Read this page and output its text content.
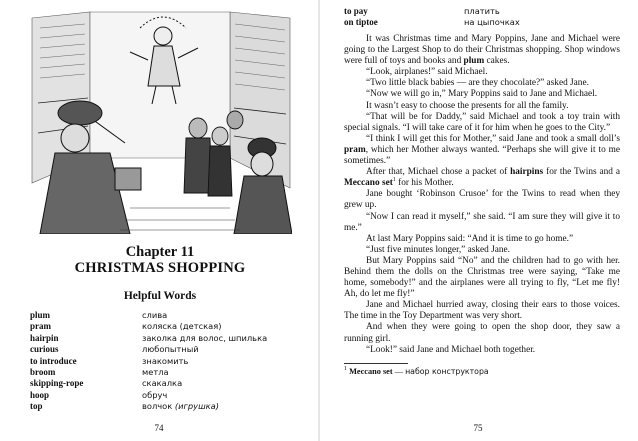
Chapter 11
CHRISTMAS SHOPPING
Helpful Words
plum	слива
pram	коляска (детская)
hairpin	заколка для волос, шпилька
curious	любопытный
to introduce	знакомить
broom	метла
skipping-rope	скакалка
hoop	обруч
top	волчок (игрушка)
74
to pay	платить
on tiptoe	на цыпочках

It was Christmas time and Mary Poppins, Jane and Michael were going to the Largest Shop to do their Christmas shopping. Shop windows were full of toys and books and plum cakes.

“Look, airplanes!” said Michael.

“Two little black babies — are they chocolate?” asked Jane.

“Now we will go in,” Mary Poppins said to Jane and Michael.

It wasn’t easy to choose the presents for all the family.

“That will be for Daddy,” said Michael and took a toy train with special signals. “I will take care of it for him when he goes to the City.”

“I think I will get this for Mother,” said Jane and took a small doll’s pram, which her Mother always wanted. “Perhaps she will give it to me sometimes.”

After that, Michael chose a packet of hairpins for the Twins and a Meccano set$^1$ for his Mother.

Jane bought ‘Robinson Crusoe’ for the Twins to read when they grew up.

“Now I can read it myself,” she said. “I am sure they will give it to me.”

At last Mary Poppins said: “And it is time to go home.”

“Just five minutes longer,” asked Jane.

But Mary Poppins said “No” and the children had to go with her. Behind them the dolls on the Christmas tree were saying, “Take me home, somebody!” and the airplanes were all trying to fly, “Let me fly! Ah, do let me fly!”

Jane and Michael hurried away, closing their ears to those voices. The time in the Toy Department was very short.

And when they were going to open the shop door, they saw a running girl.

“Look!” said Jane and Michael both together.

$^1$ Meccano set — набор конструктора
75
